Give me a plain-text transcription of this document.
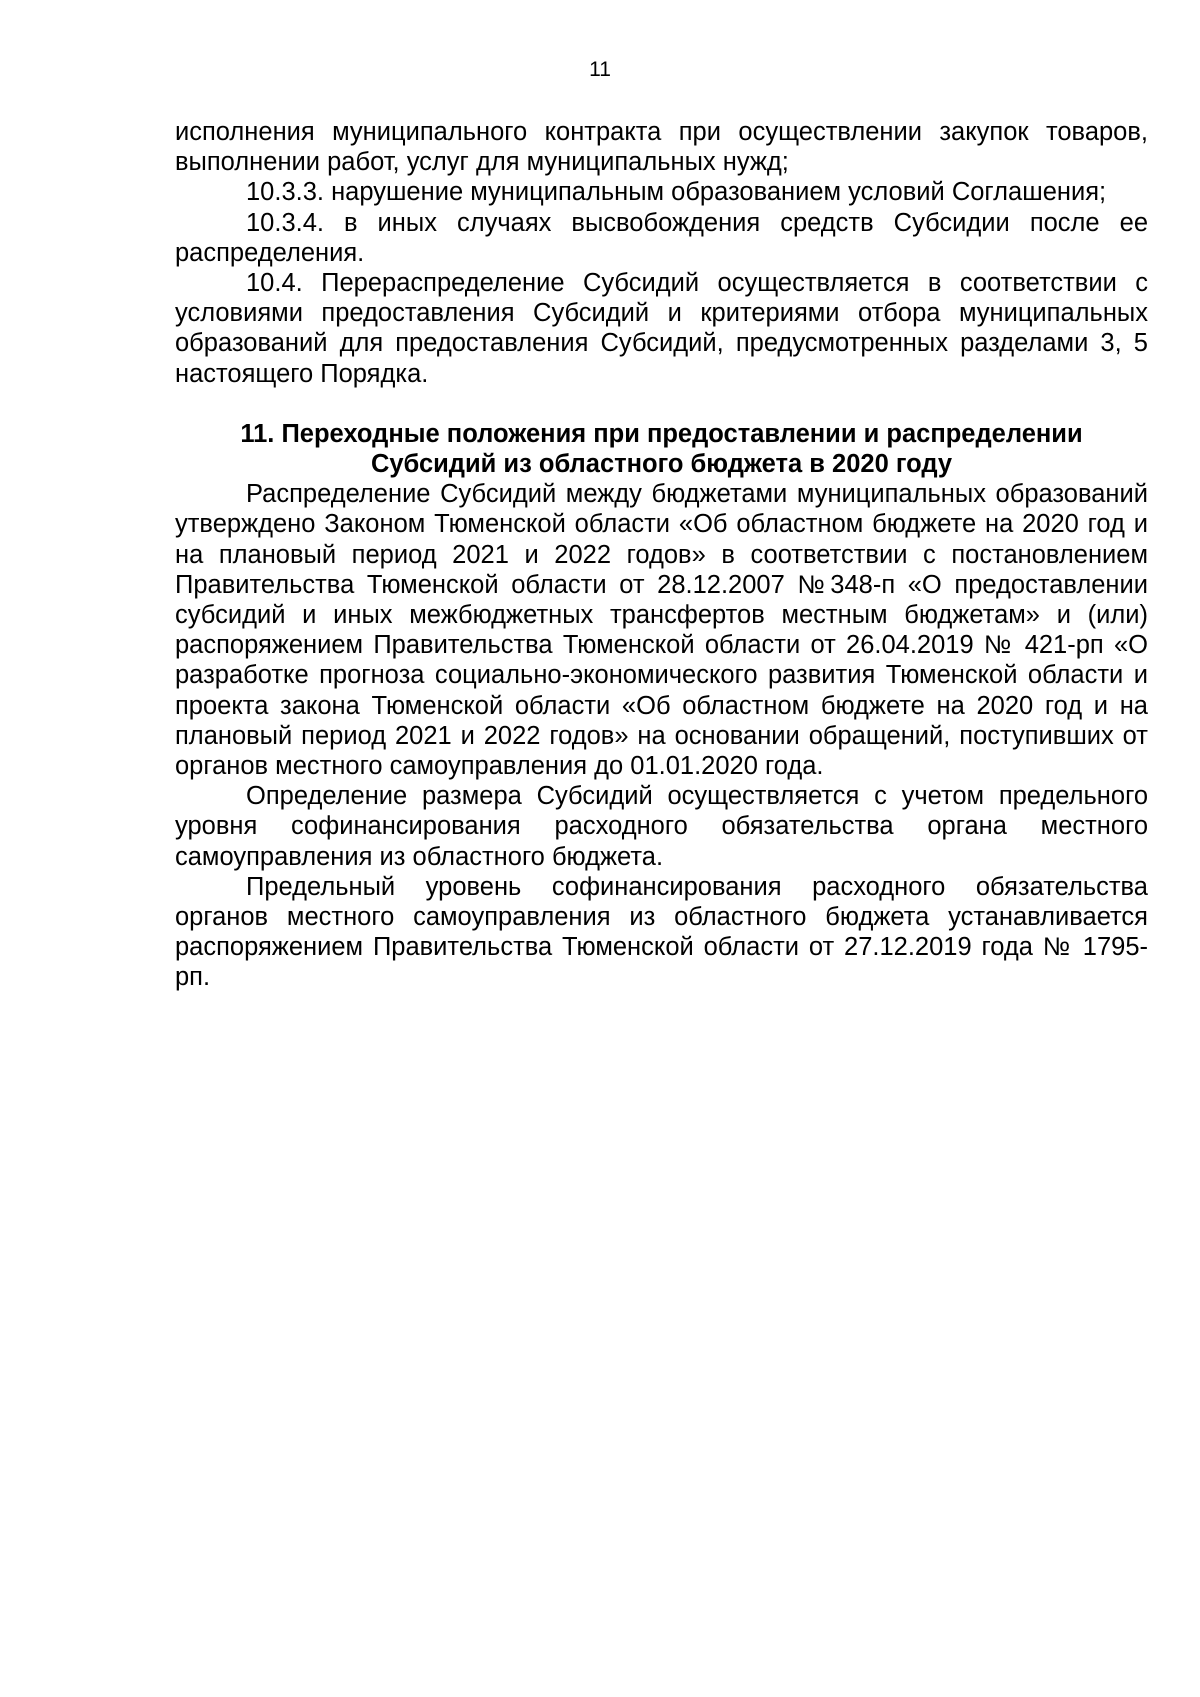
11

исполнения муниципального контракта при осуществлении закупок товаров, выполнении работ, услуг для муниципальных нужд;

10.3.3. нарушение муниципальным образованием условий Соглашения;

10.3.4. в иных случаях высвобождения средств Субсидии после ее распределения.

10.4. Перераспределение Субсидий осуществляется в соответствии с условиями предоставления Субсидий и критериями отбора муниципальных образований для предоставления Субсидий, предусмотренных разделами 3, 5 настоящего Порядка.

11. Переходные положения при предоставлении и распределении
Субсидий из областного бюджета в 2020 году

Распределение Субсидий между бюджетами муниципальных образований утверждено Законом Тюменской области «Об областном бюджете на 2020 год и на плановый период 2021 и 2022 годов» в соответствии с постановлением Правительства Тюменской области от 28.12.2007 №348-п «О предоставлении субсидий и иных межбюджетных трансфертов местным бюджетам» и (или) распоряжением Правительства Тюменской области от 26.04.2019 № 421-рп «О разработке прогноза социально-экономического развития Тюменской области и проекта закона Тюменской области «Об областном бюджете на 2020 год и на плановый период 2021 и 2022 годов» на основании обращений, поступивших от органов местного самоуправления до 01.01.2020 года.

Определение размера Субсидий осуществляется с учетом предельного уровня софинансирования расходного обязательства органа местного самоуправления из областного бюджета.

Предельный уровень софинансирования расходного обязательства органов местного самоуправления из областного бюджета устанавливается распоряжением Правительства Тюменской области от 27.12.2019 года № 1795-рп.
